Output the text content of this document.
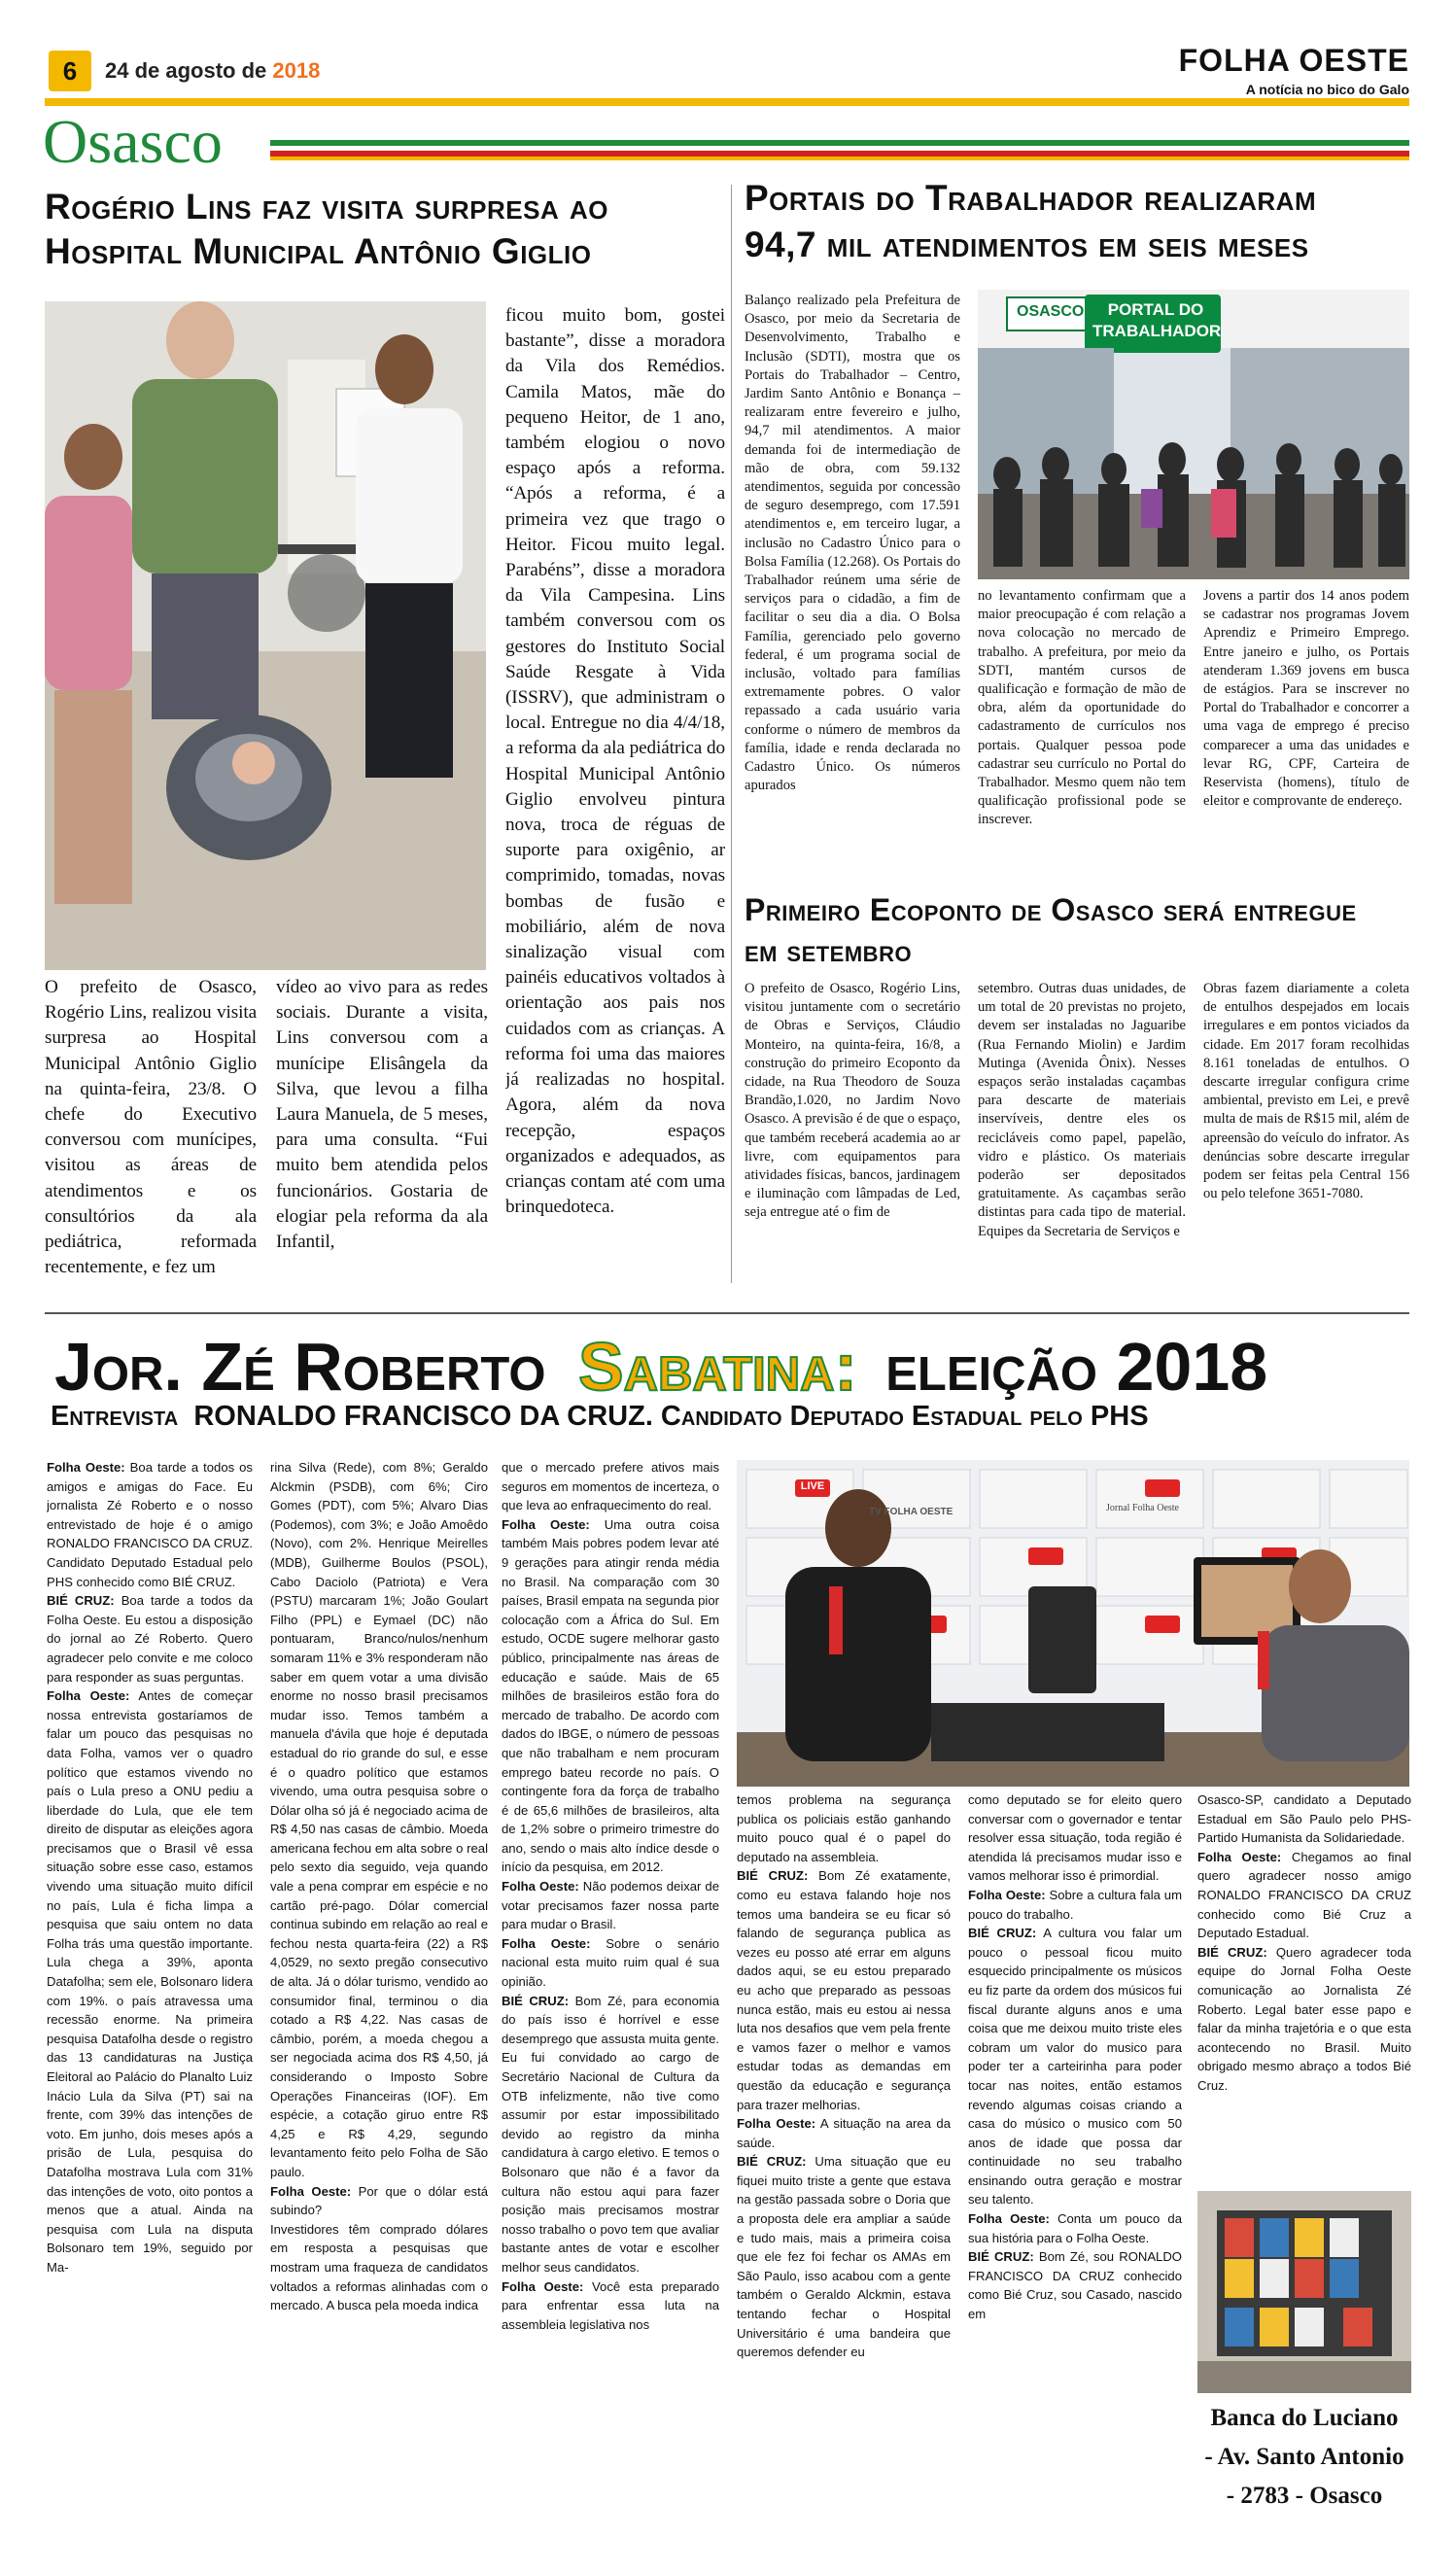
6	24 de agosto de 2018	FOLHA OESTE
A notícia no bico do Galo
Osasco
Rogério Lins faz visita surpresa ao
Hospital Municipal Antônio Giglio
O prefeito de Osasco, Rogério Lins, realizou visita surpresa ao Hospital Municipal Antônio Giglio na quinta-feira, 23/8. O chefe do Executivo conversou com munícipes, visitou as áreas de atendimentos e os consultórios da ala pediátrica, reformada recentemente, e fez um
vídeo ao vivo para as redes sociais. Durante a visita, Lins conversou com a munícipe Elisângela da Silva, que levou a filha Laura Manuela, de 5 meses, para uma consulta. “Fui muito bem atendida pelos funcionários. Gostaria de elogiar pela reforma da ala Infantil,
ficou muito bom, gostei bastante”, disse a moradora da Vila dos Remédios. Camila Matos, mãe do pequeno Heitor, de 1 ano, também elogiou o novo espaço após a reforma. “Após a reforma, é a primeira vez que trago o Heitor. Ficou muito legal. Parabéns”, disse a moradora da Vila Campesina. Lins também conversou com os gestores do Instituto Social Saúde Resgate à Vida (ISSRV), que administram o local. Entregue no dia 4/4/18, a reforma da ala pediátrica do Hospital Municipal Antônio Giglio envolveu pintura nova, troca de réguas de suporte para oxigênio, ar comprimido, tomadas, novas bombas de fusão e mobiliário, além de nova sinalização visual com painéis educativos voltados à orientação aos pais nos cuidados com as crianças. A reforma foi uma das maiores já realizadas no hospital. Agora, além da nova recepção, espaços organizados e adequados, as crianças contam até com uma brinquedoteca.
Portais do Trabalhador realizaram
94,7 mil atendimentos em seis meses
Balanço realizado pela Prefeitura de Osasco, por meio da Secretaria de Desenvolvimento, Trabalho e Inclusão (SDTI), mostra que os Portais do Trabalhador – Centro, Jardim Santo Antônio e Bonança – realizaram entre fevereiro e julho, 94,7 mil atendimentos. A maior demanda foi de intermediação de mão de obra, com 59.132 atendimentos, seguida por concessão de seguro desemprego, com 17.591 atendimentos e, em terceiro lugar, a inclusão no Cadastro Único para o Bolsa Família (12.268). Os Portais do Trabalhador reúnem uma série de serviços para o cidadão, a fim de facilitar o seu dia a dia. O Bolsa Família, gerenciado pelo governo federal, é um programa social de inclusão, voltado para famílias extremamente pobres. O valor repassado a cada usuário varia conforme o número de membros da família, idade e renda declarada no Cadastro Único. Os números apurados
OSASCO	PORTAL DO
TRABALHADOR
no levantamento confirmam que a maior preocupação é com relação a nova colocação no mercado de trabalho. A prefeitura, por meio da SDTI, mantém cursos de qualificação e formação de mão de obra, além da oportunidade do cadastramento de currículos nos portais. Qualquer pessoa pode cadastrar seu currículo no Portal do Trabalhador. Mesmo quem não tem qualificação profissional pode se inscrever.
Jovens a partir dos 14 anos podem se cadastrar nos programas Jovem Aprendiz e Primeiro Emprego. Entre janeiro e julho, os Portais atenderam 1.369 jovens em busca de estágios. Para se inscrever no Portal do Trabalhador e concorrer a uma vaga de emprego é preciso comparecer a uma das unidades e levar RG, CPF, Carteira de Reservista (homens), título de eleitor e comprovante de endereço.
Primeiro Ecoponto de Osasco será entregue
em setembro
O prefeito de Osasco, Rogério Lins, visitou juntamente com o secretário de Obras e Serviços, Cláudio Monteiro, na quinta-feira, 16/8, a construção do primeiro Ecoponto da cidade, na Rua Theodoro de Souza Brandão,1.020, no Jardim Novo Osasco. A previsão é de que o espaço, que também receberá academia ao ar livre, com equipamentos para atividades físicas, bancos, jardinagem e iluminação com lâmpadas de Led, seja entregue até o fim de
setembro. Outras duas unidades, de um total de 20 previstas no projeto, devem ser instaladas no Jaguaribe (Rua Fernando Miolin) e Jardim Mutinga (Avenida Ônix). Nesses espaços serão instaladas caçambas para descarte de materiais inservíveis, dentre eles os recicláveis como papel, papelão, vidro e plástico. Os materiais poderão ser depositados gratuitamente. As caçambas serão distintas para cada tipo de material. Equipes da Secretaria de Serviços e
Obras fazem diariamente a coleta de entulhos despejados em locais irregulares e em pontos viciados da cidade. Em 2017 foram recolhidas 8.161 toneladas de entulhos. O descarte irregular configura crime ambiental, previsto em Lei, e prevê multa de mais de R$15 mil, além de apreensão do veículo do infrator. As denúncias sobre descarte irregular podem ser feitas pela Central 156 ou pelo telefone 3651-7080.
Jor. Zé Roberto Sabatina: eleição 2018
Entrevista  RONALDO FRANCISCO DA CRUZ. Candidato Deputado Estadual pelo PHS

Folha Oeste: Boa tarde a todos os amigos e amigas do Face. Eu jornalista Zé Roberto e o nosso entrevistado de hoje é o amigo RONALDO FRANCISCO DA CRUZ. Candidato Deputado Estadual pelo PHS conhecido como BIÉ CRUZ.

BIÉ CRUZ: Boa tarde a todos da Folha Oeste. Eu estou a disposição do jornal ao Zé Roberto. Quero agradecer pelo convite e me coloco para responder as suas perguntas.

Folha Oeste: Antes de começar nossa entrevista gostaríamos de falar um pouco das pesquisas no data Folha, vamos ver o quadro político que estamos vivendo no país o Lula preso a ONU pediu a liberdade do Lula, que ele tem direito de disputar as eleições agora precisamos que o Brasil vê essa situação sobre esse caso, estamos vivendo uma situação muito difícil no país, Lula é ficha limpa a pesquisa que saiu ontem no data Folha trás uma questão importante. Lula chega a 39%, aponta Datafolha; sem ele, Bolsonaro lidera com 19%. o país atravessa uma recessão enorme. Na primeira pesquisa Datafolha desde o registro das 13 candidaturas na Justiça Eleitoral ao Palácio do Planalto Luiz Inácio Lula da Silva (PT) sai na frente, com 39% das intenções de voto. Em junho, dois meses após a prisão de Lula, pesquisa do Datafolha mostrava Lula com 31% das intenções de voto, oito pontos a menos que a atual. Ainda na pesquisa com Lula na disputa Bolsonaro tem 19%, seguido por Ma-

rina Silva (Rede), com 8%; Geraldo Alckmin (PSDB), com 6%; Ciro Gomes (PDT), com 5%; Alvaro Dias (Podemos), com 3%; e João Amoêdo (Novo), com 2%. Henrique Meirelles (MDB), Guilherme Boulos (PSOL), Cabo Daciolo (Patriota) e Vera (PSTU) marcaram 1%; João Goulart Filho (PPL) e Eymael (DC) não pontuaram, Branco/nulos/nenhum somaram 11% e 3% responderam não saber em quem votar a uma divisão enorme no nosso brasil precisamos mudar isso. Temos também a manuela d'ávila que hoje é deputada estadual do rio grande do sul, e esse é o quadro político que estamos vivendo, uma outra pesquisa sobre o Dólar olha só já é negociado acima de R$ 4,50 nas casas de câmbio. Moeda americana fechou em alta sobre o real pelo sexto dia seguido, veja quando vale a pena comprar em espécie e no cartão pré-pago. Dólar comercial continua subindo em relação ao real e fechou nesta quarta-feira (22) a R$ 4,0529, no sexto pregão consecutivo de alta. Já o dólar turismo, vendido ao consumidor final, terminou o dia cotado a R$ 4,22. Nas casas de câmbio, porém, a moeda chegou a ser negociada acima dos R$ 4,50, já considerando o Imposto Sobre Operações Financeiras (IOF). Em espécie, a cotação giruo entre R$ 4,25 e R$ 4,29, segundo levantamento feito pelo Folha de São paulo.

Folha Oeste: Por que o dólar está subindo?

Investidores têm comprado dólares em resposta a pesquisas que mostram uma fraqueza de candidatos voltados a reformas alinhadas com o mercado. A busca pela moeda indica

que o mercado prefere ativos mais seguros em momentos de incerteza, o que leva ao enfraquecimento do real.

Folha Oeste: Uma outra coisa também Mais pobres podem levar até 9 gerações para atingir renda média no Brasil. Na comparação com 30 países, Brasil empata na segunda pior colocação com a África do Sul. Em estudo, OCDE sugere melhorar gasto público, principalmente nas áreas de educação e saúde. Mais de 65 milhões de brasileiros estão fora do mercado de trabalho. De acordo com dados do IBGE, o número de pessoas que não trabalham e nem procuram emprego bateu recorde no país. O contingente fora da força de trabalho é de 65,6 milhões de brasileiros, alta de 1,2% sobre o primeiro trimestre do ano, sendo o mais alto índice desde o início da pesquisa, em 2012.

Folha Oeste: Não podemos deixar de votar precisamos fazer nossa parte para mudar o Brasil.

Folha Oeste: Sobre o senário nacional esta muito ruim qual é sua opinião.

BIÉ CRUZ: Bom Zé, para economia do país isso é horrível e esse desemprego que assusta muita gente. Eu fui convidado ao cargo de Secretário Nacional de Cultura da OTB infelizmente, não tive como assumir por estar impossibilitado devido ao registro da minha candidatura à cargo eletivo. E temos o Bolsonaro que não é a favor da cultura não estou aqui para fazer posição mais precisamos mostrar nosso trabalho o povo tem que avaliar bastante antes de votar e escolher melhor seus candidatos.

Folha Oeste: Você esta preparado para enfrentar essa luta na assembleia legislativa nos

LIVE
TV FOLHA OESTE	Jornal Folha Oeste

temos problema na segurança publica os policiais estão ganhando muito pouco qual é o papel do deputado na assembleia.

BIÉ CRUZ: Bom Zé exatamente, como eu estava falando hoje nos temos uma bandeira se eu ficar só falando de segurança publica as vezes eu posso até errar em alguns dados aqui, se eu estou preparado eu acho que preparado as pessoas nunca estão, mais eu estou ai nessa luta nos desafios que vem pela frente e vamos fazer o melhor e vamos estudar todas as demandas em questão da educação e segurança para trazer melhorias.

Folha Oeste: A situação na area da saúde.

BIÉ CRUZ: Uma situação que eu fiquei muito triste a gente que estava na gestão passada sobre o Doria que a proposta dele era ampliar a saúde e tudo mais, mais a primeira coisa que ele fez foi fechar os AMAs em São Paulo, isso acabou com a gente também o Geraldo Alckmin, estava tentando fechar o Hospital Universitário é uma bandeira que queremos defender eu

como deputado se for eleito quero conversar com o governador e tentar resolver essa situação, toda região é atendida lá precisamos mudar isso e vamos melhorar isso é primordial.

Folha Oeste: Sobre a cultura fala um pouco do trabalho.

BIÉ CRUZ: A cultura vou falar um pouco o pessoal ficou muito esquecido principalmente os músicos eu fiz parte da ordem dos músicos fui fiscal durante alguns anos e uma coisa que me deixou muito triste eles cobram um valor do musico para poder ter a carteirinha para poder tocar nas noites, então estamos revendo algumas coisas criando a casa do músico o musico com 50 anos de idade que possa dar continuidade no seu trabalho ensinando outra geração e mostrar seu talento.

Folha Oeste: Conta um pouco da sua história para o Folha Oeste.

BIÉ CRUZ: Bom Zé, sou RONALDO FRANCISCO DA CRUZ conhecido como Bié Cruz, sou Casado, nascido em

Osasco-SP, candidato a Deputado Estadual em São Paulo pelo PHS- Partido Humanista da Solidariedade.

Folha Oeste: Chegamos ao final quero agradecer nosso amigo RONALDO FRANCISCO DA CRUZ conhecido como Bié Cruz a Deputado Estadual.

BIÉ CRUZ: Quero agradecer toda equipe do Jornal Folha Oeste comunicação ao Jornalista Zé Roberto. Legal bater esse papo e falar da minha trajetória e o que esta acontecendo no Brasil. Muito obrigado mesmo abraço a todos Bié Cruz.

Banca do Luciano
- Av. Santo Antonio
- 2783 - Osasco
